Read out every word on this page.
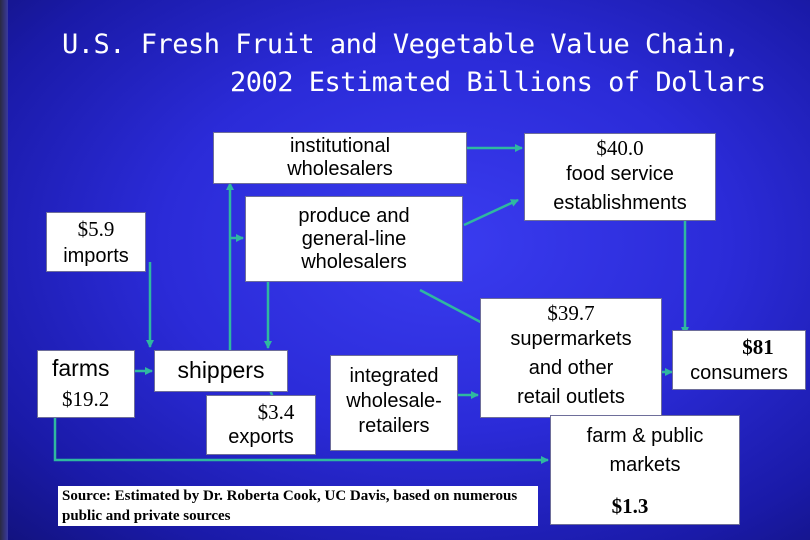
U.S. Fresh Fruit and Vegetable Value Chain,
2002 Estimated Billions of Dollars
institutional
wholesalers
$40.0
food service
establishments
$5.9
imports
produce and
general-line
wholesalers
farms
$19.2
shippers
$3.4
exports
integrated
wholesale-
retailers
$39.7
supermarkets
and other
retail outlets
$81
consumers
farm & public
markets
$1.3
Source: Estimated by Dr. Roberta Cook, UC Davis, based on numerous public and private sources
